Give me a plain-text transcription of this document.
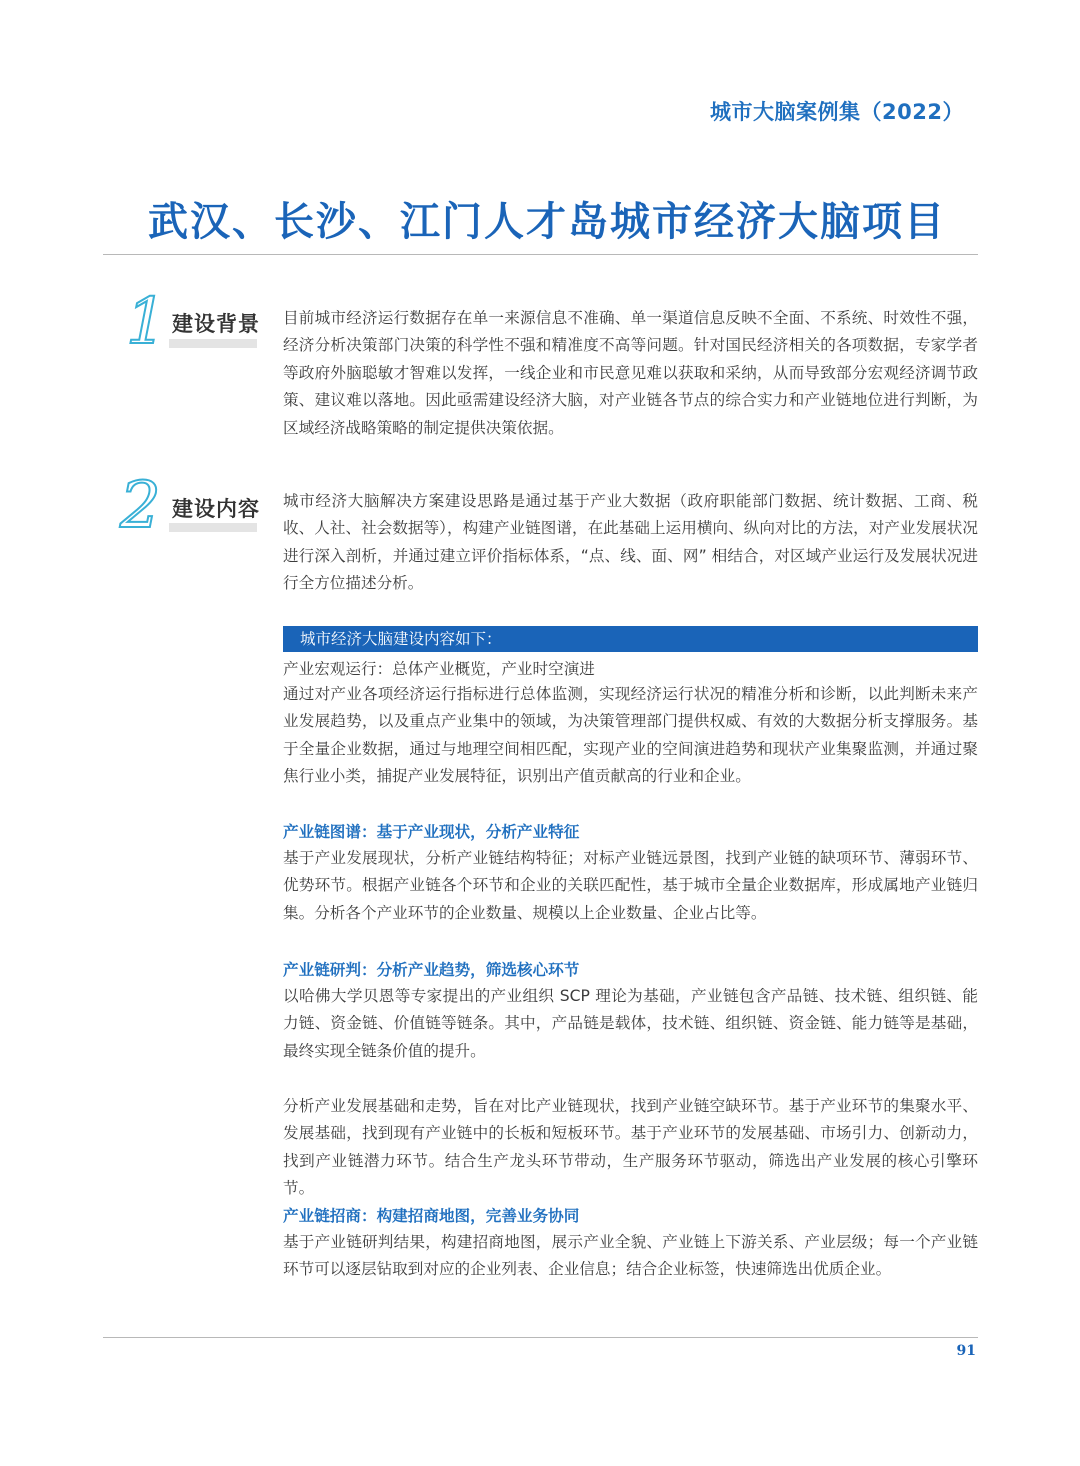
城市大脑案例集（2022）
武汉、长沙、江门人才岛城市经济大脑项目
1 建设背景 目前城市经济运行数据存在单一来源信息不准确、单一渠道信息反映不全面、不系统、时效性不强，经济分析决策部门决策的科学性不强和精准度不高等问题。针对国民经济相关的各项数据，专家学者等政府外脑聪敏才智难以发挥，一线企业和市民意见难以获取和采纳，从而导致部分宏观经济调节政策、建议难以落地。因此亟需建设经济大脑，对产业链各节点的综合实力和产业链地位进行判断，为区域经济战略策略的制定提供决策依据。

2 建设内容 城市经济大脑解决方案建设思路是通过基于产业大数据（政府职能部门数据、统计数据、工商、税收、人社、社会数据等），构建产业链图谱，在此基础上运用横向、纵向对比的方法，对产业发展状况进行深入剖析，并通过建立评价指标体系，“点、线、面、网” 相结合，对区域产业运行及发展状况进行全方位描述分析。

城市经济大脑建设内容如下：
产业宏观运行：总体产业概览，产业时空演进

通过对产业各项经济运行指标进行总体监测，实现经济运行状况的精准分析和诊断，以此判断未来产业发展趋势，以及重点产业集中的领域，为决策管理部门提供权威、有效的大数据分析支撑服务。基于全量企业数据，通过与地理空间相匹配，实现产业的空间演进趋势和现状产业集聚监测，并通过聚焦行业小类，捕捉产业发展特征，识别出产值贡献高的行业和企业。

产业链图谱：基于产业现状，分析产业特征

基于产业发展现状，分析产业链结构特征；对标产业链远景图，找到产业链的缺项环节、薄弱环节、优势环节。根据产业链各个环节和企业的关联匹配性，基于城市全量企业数据库，形成属地产业链归集。分析各个产业环节的企业数量、规模以上企业数量、企业占比等。

产业链研判：分析产业趋势，筛选核心环节

以哈佛大学贝恩等专家提出的产业组织 SCP 理论为基础，产业链包含产品链、技术链、组织链、能力链、资金链、价值链等链条。其中，产品链是载体，技术链、组织链、资金链、能力链等是基础，最终实现全链条价值的提升。

分析产业发展基础和走势，旨在对比产业链现状，找到产业链空缺环节。基于产业环节的集聚水平、发展基础，找到现有产业链中的长板和短板环节。基于产业环节的发展基础、市场引力、创新动力，找到产业链潜力环节。结合生产龙头环节带动，生产服务环节驱动，筛选出产业发展的核心引擎环节。

产业链招商：构建招商地图，完善业务协同

基于产业链研判结果，构建招商地图，展示产业全貌、产业链上下游关系、产业层级；每一个产业链环节可以逐层钻取到对应的企业列表、企业信息；结合企业标签，快速筛选出优质企业。

91
